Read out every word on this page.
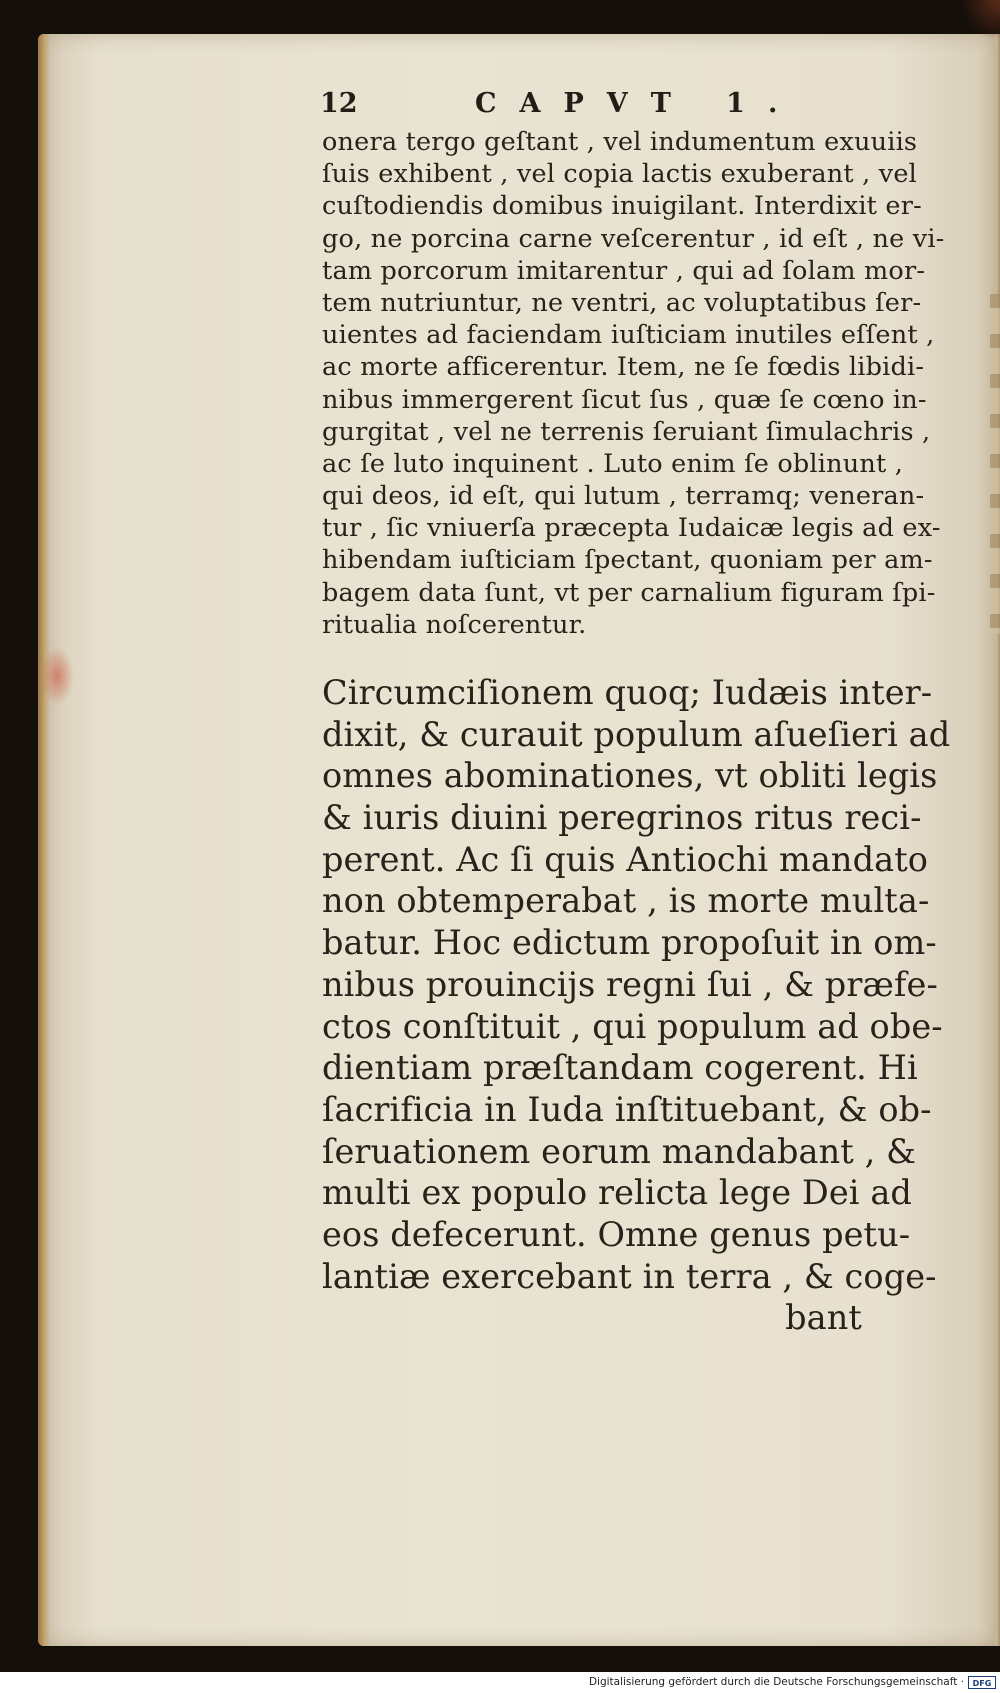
12	CAPVT 1.
onera tergo geſtant , vel indumentum exuuiis
ſuis exhibent , vel copia lactis exuberant , vel
cuſtodiendis domibus inuigilant. Interdixit er-
go, ne porcina carne veſcerentur , id eſt , ne vi-
tam porcorum imitarentur , qui ad ſolam mor-
tem nutriuntur, ne ventri, ac voluptatibus ſer-
uientes ad faciendam iuſticiam inutiles eſſent ,
ac morte afficerentur. Item, ne ſe fœdis libidi-
nibus immergerent ſicut ſus , quæ ſe cœno in-
gurgitat , vel ne terrenis ſeruiant ſimulachris ,
ac ſe luto inquinent . Luto enim ſe oblinunt ,
qui deos, id eſt, qui lutum , terramq; veneran-
tur , ſic vniuerſa præcepta Iudaicæ legis ad ex-
hibendam iuſticiam ſpectant, quoniam per am-
bagem data ſunt, vt per carnalium figuram ſpi-
ritualia noſcerentur.
Circumciſionem quoq; Iudæis inter-
dixit, & curauit populum aſueſieri ad
omnes abominationes, vt obliti legis
& iuris diuini peregrinos ritus reci-
perent. Ac ſi quis Antiochi mandato
non obtemperabat , is morte multa-
batur. Hoc edictum propoſuit in om-
nibus prouincijs regni ſui , & præfe-
ctos conſtituit , qui populum ad obe-
dientiam præſtandam cogerent. Hi
ſacrificia in Iuda inſtituebant, & ob-
ſeruationem eorum mandabant , &
multi ex populo relicta lege Dei ad
eos defecerunt. Omne genus petu-
lantiæ exercebant in terra , & coge-
bant
Digitalisierung gefördert durch die Deutsche Forschungsgemeinschaft ·	DFG
